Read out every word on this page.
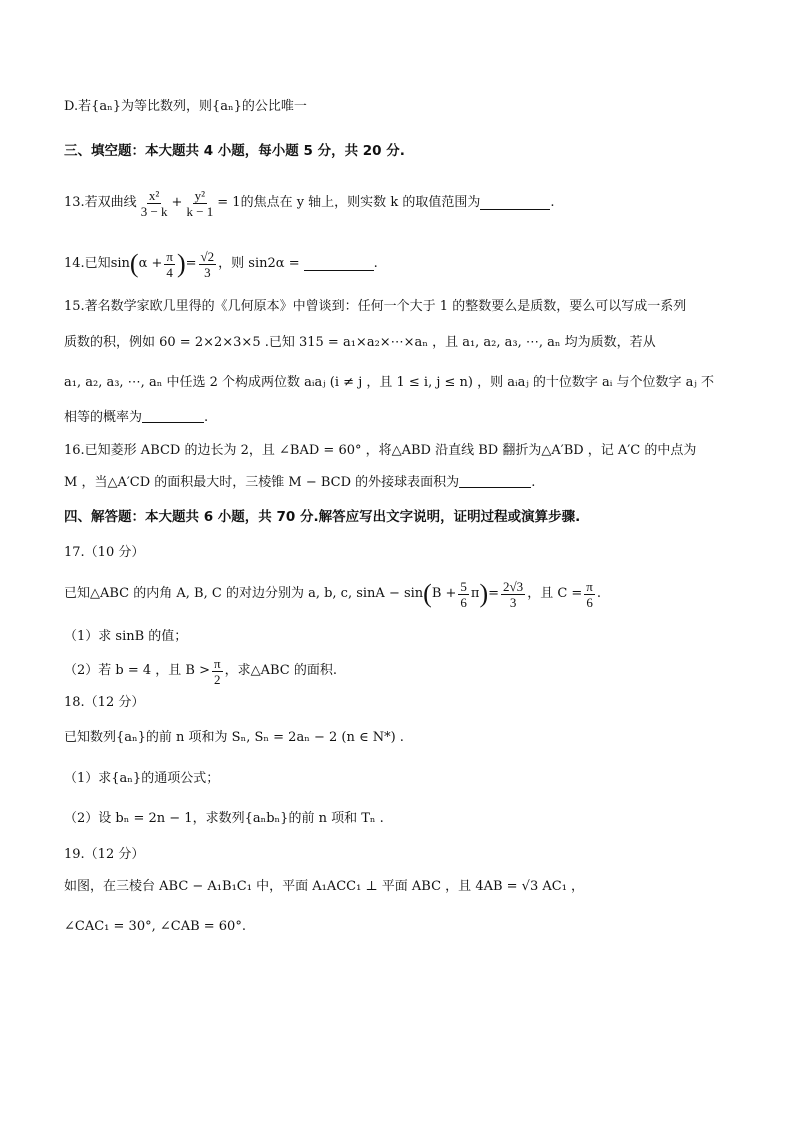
D.若{aₙ}为等比数列，则{aₙ}的公比唯一
三、填空题：本大题共 4 小题，每小题 5 分，共 20 分.
13.若双曲线 $\frac{\text{x²}}{3 - k} + \frac{\text{y²}}{k - 1} = 1$ 的焦点在 y 轴上，则实数 k 的取值范围为	.
14.已知 sin ( $\alpha + \frac{\pi}{4}$ ) = $\frac{√2}{3}$ ，则 sin2α =	.
15.著名数学家欧几里得的《几何原本》中曾谈到：任何一个大于 1 的整数要么是质数，要么可以写成一系列
质数的积，例如 60 = 2×2×3×5 .已知 315 = a₁×a₂×⋯×aₙ ，且 a₁, a₂, a₃, ⋯, aₙ 均为质数，若从
a₁, a₂, a₃, ⋯, aₙ 中任选 2 个构成两位数 aᵢaⱼ (i ≠ j ，且 1 ≤ i, j ≤ n) ，则 aᵢaⱼ 的十位数字 aᵢ 与个位数字 aⱼ 不
相等的概率为	.
16.已知菱形 ABCD 的边长为 2，且 ∠BAD = 60° ，将△ABD 沿直线 BD 翻折为△A′BD ，记 A′C 的中点为
M ，当△A′CD 的面积最大时，三棱锥 M − BCD 的外接球表面积为	.
四、解答题：本大题共 6 小题，共 70 分.解答应写出文字说明，证明过程或演算步骤.
17.（10 分）
已知△ABC 的内角 A, B, C 的对边分别为 a, b, c, sinA − sin ( $B + \frac{5}{6}$ π ) = $\frac{2√3}{3}$ ，且 $C = \frac{\pi}{6}$ .
（1）求 sinB 的值；
（2）若 b = 4 ，且 $B > \frac{\pi}{2}$ ，求△ABC 的面积.
18.（12 分）
已知数列{aₙ}的前 n 项和为 Sₙ, Sₙ = 2aₙ − 2 (n ∈ N*) .
（1）求{aₙ}的通项公式；
（2）设 bₙ = 2n − 1，求数列{aₙbₙ}的前 n 项和 Tₙ .
19.（12 分）
如图，在三棱台 ABC − A₁B₁C₁ 中，平面 A₁ACC₁ ⊥ 平面 ABC ，且 4AB = √3 AC₁ ，
∠CAC₁ = 30°, ∠CAB = 60°.
